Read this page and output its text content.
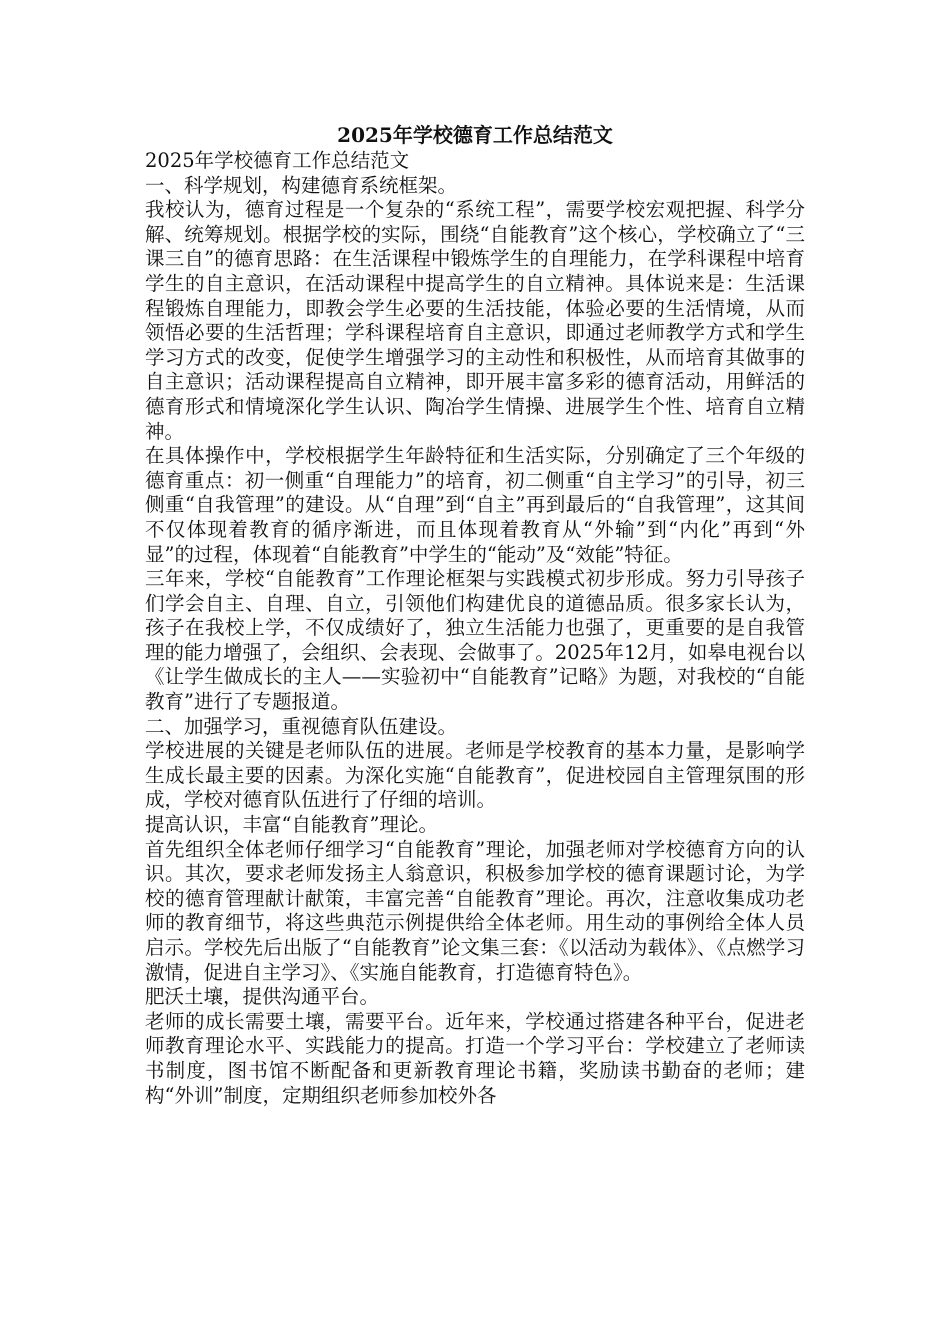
2025年学校德育工作总结范文

2025年学校德育工作总结范文

一、科学规划，构建德育系统框架。

我校认为，德育过程是一个复杂的“系统工程”，需要学校宏观把握、科学分解、统筹规划。根据学校的实际，围绕“自能教育”这个核心，学校确立了“三课三自”的德育思路：在生活课程中锻炼学生的自理能力，在学科课程中培育学生的自主意识，在活动课程中提高学生的自立精神。具体说来是：生活课程锻炼自理能力，即教会学生必要的生活技能，体验必要的生活情境，从而领悟必要的生活哲理；学科课程培育自主意识，即通过老师教学方式和学生学习方式的改变，促使学生增强学习的主动性和积极性，从而培育其做事的自主意识；活动课程提高自立精神，即开展丰富多彩的德育活动，用鲜活的德育形式和情境深化学生认识、陶冶学生情操、进展学生个性、培育自立精神。

在具体操作中，学校根据学生年龄特征和生活实际，分别确定了三个年级的德育重点：初一侧重“自理能力”的培育，初二侧重“自主学习”的引导，初三侧重“自我管理”的建设。从“自理”到“自主”再到最后的“自我管理”，这其间不仅体现着教育的循序渐进，而且体现着教育从“外输”到“内化”再到“外显”的过程，体现着“自能教育”中学生的“能动”及“效能”特征。

三年来，学校“自能教育”工作理论框架与实践模式初步形成。努力引导孩子们学会自主、自理、自立，引领他们构建优良的道德品质。很多家长认为，孩子在我校上学，不仅成绩好了，独立生活能力也强了，更重要的是自我管理的能力增强了，会组织、会表现、会做事了。2025年12月，如皋电视台以《让学生做成长的主人——实验初中“自能教育”记略》为题，对我校的“自能教育”进行了专题报道。

二、加强学习，重视德育队伍建设。

学校进展的关键是老师队伍的进展。老师是学校教育的基本力量，是影响学生成长最主要的因素。为深化实施“自能教育”，促进校园自主管理氛围的形成，学校对德育队伍进行了仔细的培训。

提高认识，丰富“自能教育”理论。

首先组织全体老师仔细学习“自能教育”理论，加强老师对学校德育方向的认识。其次，要求老师发扬主人翁意识，积极参加学校的德育课题讨论，为学校的德育管理献计献策，丰富完善“自能教育”理论。再次，注意收集成功老师的教育细节，将这些典范示例提供给全体老师。用生动的事例给全体人员启示。学校先后出版了“自能教育”论文集三套：《以活动为载体》、《点燃学习激情，促进自主学习》、《实施自能教育，打造德育特色》。

肥沃土壤，提供沟通平台。

老师的成长需要土壤，需要平台。近年来，学校通过搭建各种平台，促进老师教育理论水平、实践能力的提高。打造一个学习平台：学校建立了老师读书制度，图书馆不断配备和更新教育理论书籍，奖励读书勤奋的老师；建构“外训”制度，定期组织老师参加校外各
